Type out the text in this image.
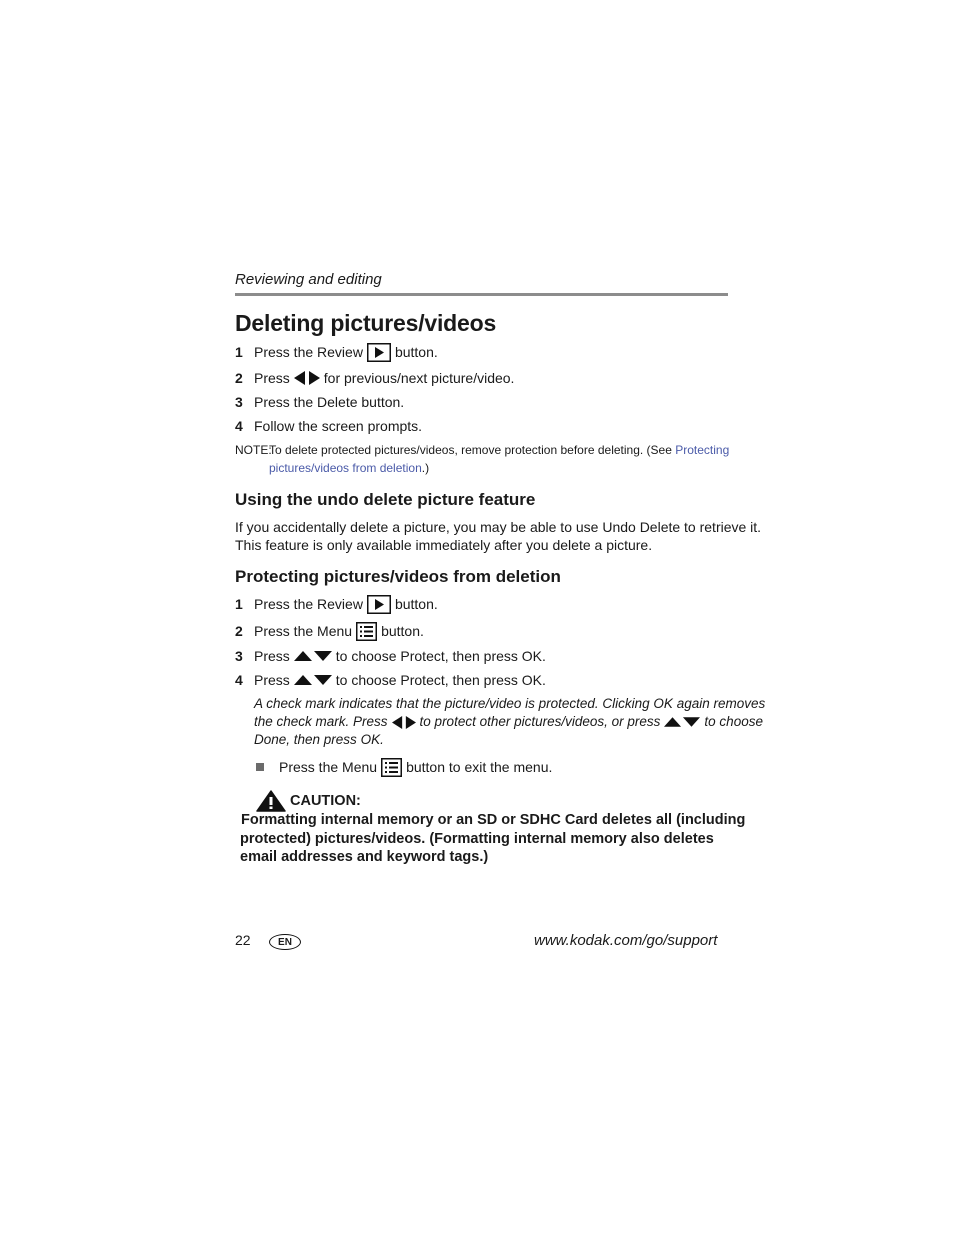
Reviewing and editing
Deleting pictures/videos
1 Press the Review button.
2 Press for previous/next picture/video.
3 Press the Delete button.
4 Follow the screen prompts.
NOTE:To delete protected pictures/videos, remove protection before deleting. (See Protecting
pictures/videos from deletion.)
Using the undo delete picture feature
If you accidentally delete a picture, you may be able to use Undo Delete to retrieve it.
This feature is only available immediately after you delete a picture.
Protecting pictures/videos from deletion
1 Press the Review button.
2 Press the Menu button.
3 Press	to choose Protect, then press OK.
4 Press	to choose Protect, then press OK.
A check mark indicates that the picture/video is protected. Clicking OK again removes
the check mark. Press to protect other pictures/videos, or press	to choose
Done, then press OK.
Press the Menu button to exit the menu.
CAUTION:
Formatting internal memory or an SD or SDHC Card deletes all (including
protected) pictures/videos. (Formatting internal memory also deletes
email addresses and keyword tags.)
22	EN	www.kodak.com/go/support
